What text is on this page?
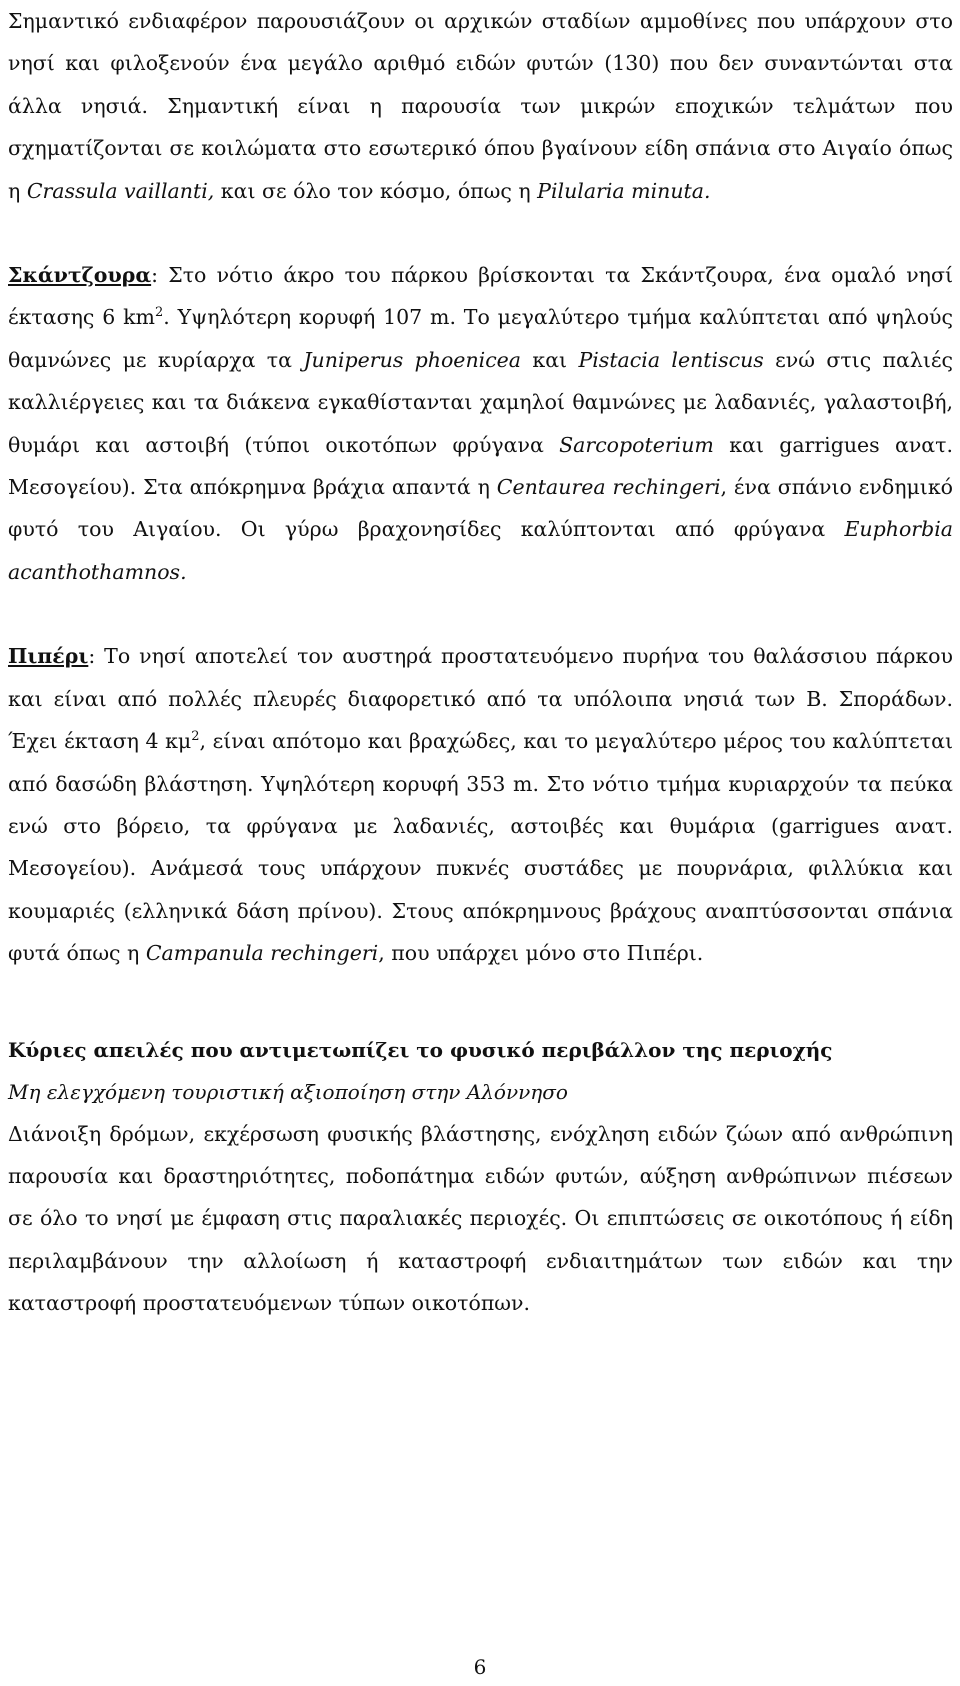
Σημαντικό ενδιαφέρον παρουσιάζουν οι αρχικών σταδίων αμμοθίνες που υπάρχουν στο νησί και φιλοξενούν ένα μεγάλο αριθμό ειδών φυτών (130) που δεν συναντώνται στα άλλα νησιά. Σημαντική είναι η παρουσία των μικρών εποχικών τελμάτων που σχηματίζονται σε κοιλώματα στο εσωτερικό όπου βγαίνουν είδη σπάνια στο Αιγαίο όπως η Crassula vaillanti, και σε όλο τον κόσμο, όπως η Pilularia minuta.

Σκάντζουρα: Στο νότιο άκρο του πάρκου βρίσκονται τα Σκάντζουρα, ένα ομαλό νησί έκτασης 6 $km^2$. Υψηλότερη κορυφή 107 m. Το μεγαλύτερο τμήμα καλύπτεται από ψηλούς θαμνώνες με κυρίαρχα τα Juniperus phoenicea και Pistacia lentiscus ενώ στις παλιές καλλιέργειες και τα διάκενα εγκαθίστανται χαμηλοί θαμνώνες με λαδανιές, γαλαστοιβή, θυμάρι και αστοιβή (τύποι οικοτόπων φρύγανα Sarcopoterium και garrigues ανατ. Μεσογείου). Στα απόκρημνα βράχια απαντά η Centaurea rechingeri, ένα σπάνιο ενδημικό φυτό του Αιγαίου. Οι γύρω βραχονησίδες καλύπτονται από φρύγανα Euphorbia acanthothamnos.

Πιπέρι: Το νησί αποτελεί τον αυστηρά προστατευόμενο πυρήνα του θαλάσσιου πάρκου και είναι από πολλές πλευρές διαφορετικό από τα υπόλοιπα νησιά των Β. Σποράδων. Έχει έκταση 4 $\kappa\mu^2$, είναι απότομο και βραχώδες, και το μεγαλύτερο μέρος του καλύπτεται από δασώδη βλάστηση. Υψηλότερη κορυφή 353 m. Στο νότιο τμήμα κυριαρχούν τα πεύκα ενώ στο βόρειο, τα φρύγανα με λαδανιές, αστοιβές και θυμάρια (garrigues ανατ. Μεσογείου). Ανάμεσά τους υπάρχουν πυκνές συστάδες με πουρνάρια, φιλλύκια και κουμαριές (ελληνικά δάση πρίνου). Στους απόκρημνους βράχους αναπτύσσονται σπάνια φυτά όπως η Campanula rechingeri, που υπάρχει μόνο στο Πιπέρι.

Κύριες απειλές που αντιμετωπίζει το φυσικό περιβάλλον της περιοχής

Μη ελεγχόμενη τουριστική αξιοποίηση στην Αλόννησο

Διάνοιξη δρόμων, εκχέρσωση φυσικής βλάστησης, ενόχληση ειδών ζώων από ανθρώπινη παρουσία και δραστηριότητες, ποδοπάτημα ειδών φυτών, αύξηση ανθρώπινων πιέσεων σε όλο το νησί με έμφαση στις παραλιακές περιοχές. Οι επιπτώσεις σε οικοτόπους ή είδη περιλαμβάνουν την αλλοίωση ή καταστροφή ενδιαιτημάτων των ειδών και την καταστροφή προστατευόμενων τύπων οικοτόπων.

6
